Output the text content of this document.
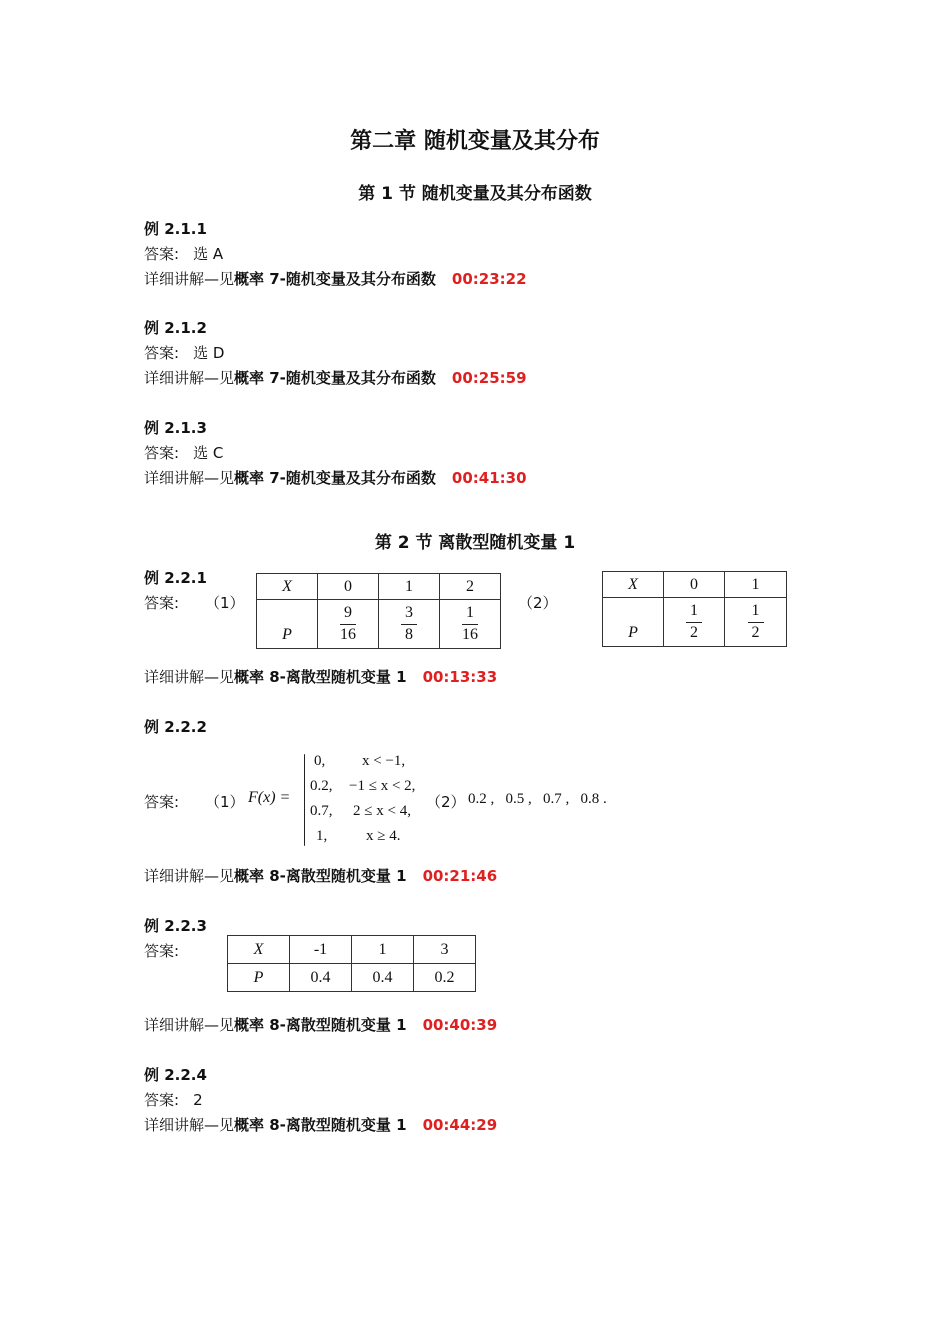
第二章 随机变量及其分布
第 1 节 随机变量及其分布函数
例 2.1.1
答案: 选 A
详细讲解—见概率 7-随机变量及其分布函数 00:23:22
例 2.1.2
答案: 选 D
详细讲解—见概率 7-随机变量及其分布函数 00:25:59
例 2.1.3
答案: 选 C
详细讲解—见概率 7-随机变量及其分布函数 00:41:30
第 2 节 离散型随机变量 1
例 2.2.1
答案: （1）
X	0	1	2
P	$\frac{9}{16}$	$\frac{3}{8}$	$\frac{1}{16}$
（2）
X	0	1
P	$\frac{1}{2}$	$\frac{1}{2}$
详细讲解—见概率 8-离散型随机变量 1 00:13:33
例 2.2.2
答案: （1） F(x) =
0, x < −1,
0.2, −1 ≤ x < 2,
0.7, 2 ≤ x < 4,
1,	x ≥ 4.
（2） 0.2 ,   0.5 ,   0.7 ,   0.8 .
详细讲解—见概率 8-离散型随机变量 1 00:21:46
例 2.2.3
答案:	X	-1	1	3
P	0.4	0.4	0.2
详细讲解—见概率 8-离散型随机变量 1 00:40:39
例 2.2.4
答案: 2
详细讲解—见概率 8-离散型随机变量 1 00:44:29
